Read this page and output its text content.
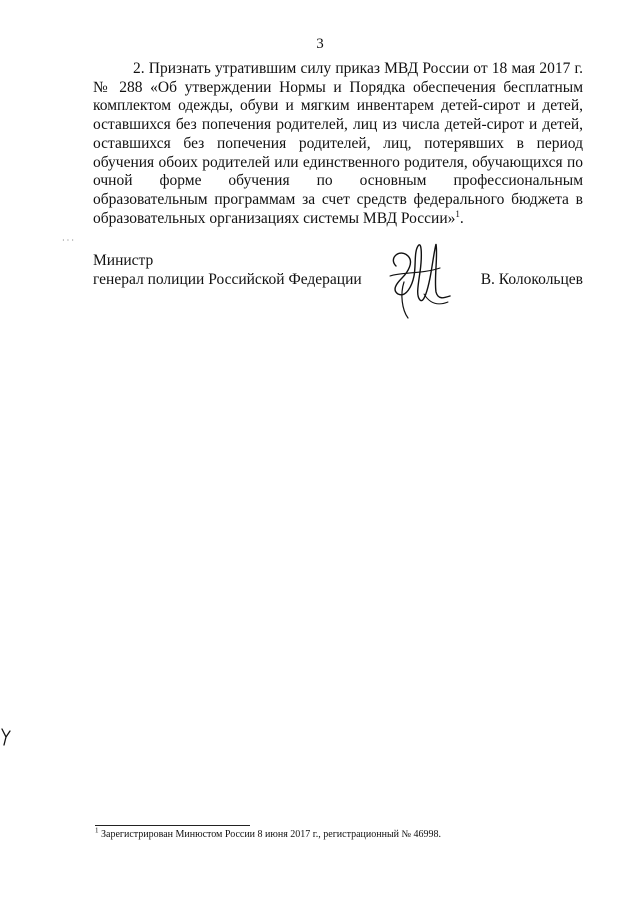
3

2. Признать утратившим силу приказ МВД России от 18 мая 2017 г. № 288 «Об утверждении Нормы и Порядка обеспечения бесплатным комплектом одежды, обуви и мягким инвентарем детей-сирот и детей, оставшихся без попечения родителей, лиц из числа детей-сирот и детей, оставшихся без попечения родителей, лиц, потерявших в период обучения обоих родителей или единственного родителя, обучающихся по очной форме обучения по основным профессиональным образовательным программам за счет средств федерального бюджета в образовательных организациях системы МВД России»$^1$.

· · ·
Министр
генерал полиции Российской Федерации	В. Колокольцев
$^1$ Зарегистрирован Минюстом России 8 июня 2017 г., регистрационный № 46998.
